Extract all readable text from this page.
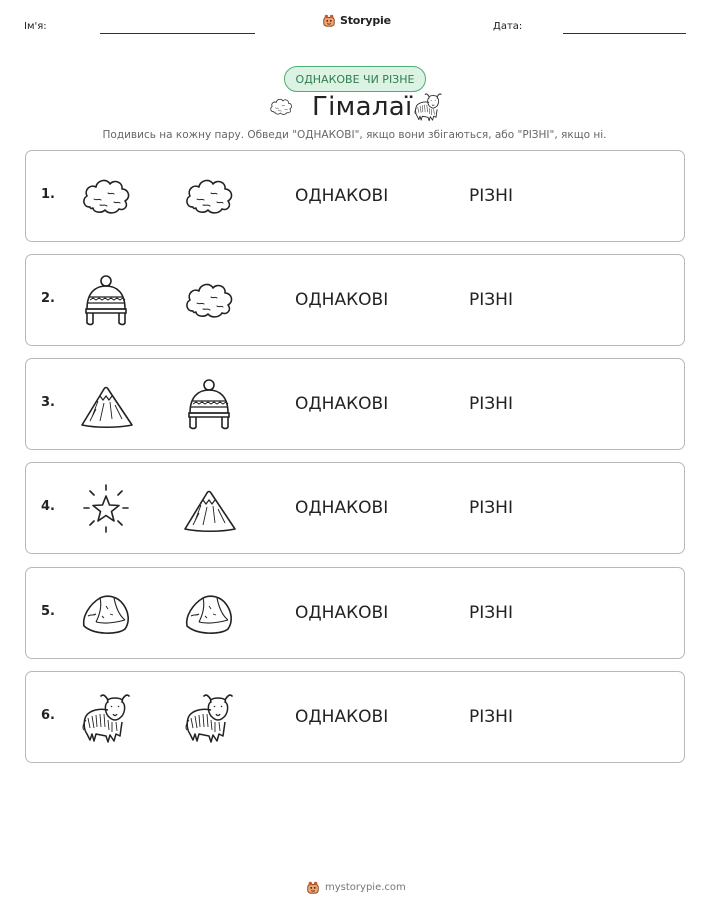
Ім'я:	Storypie	Дата:
ОДНАКОВЕ ЧИ РІЗНЕ
Гімалаї

Подивись на кожну пару. Обведи "ОДНАКОВІ", якщо вони збігаються, або "РІЗНІ", якщо ні.

1.	ОДНАКОВІ	РІЗНІ
2.	ОДНАКОВІ	РІЗНІ
3.	ОДНАКОВІ	РІЗНІ
4.	ОДНАКОВІ	РІЗНІ
5.	ОДНАКОВІ	РІЗНІ
6.	ОДНАКОВІ	РІЗНІ
mystorypie.com
